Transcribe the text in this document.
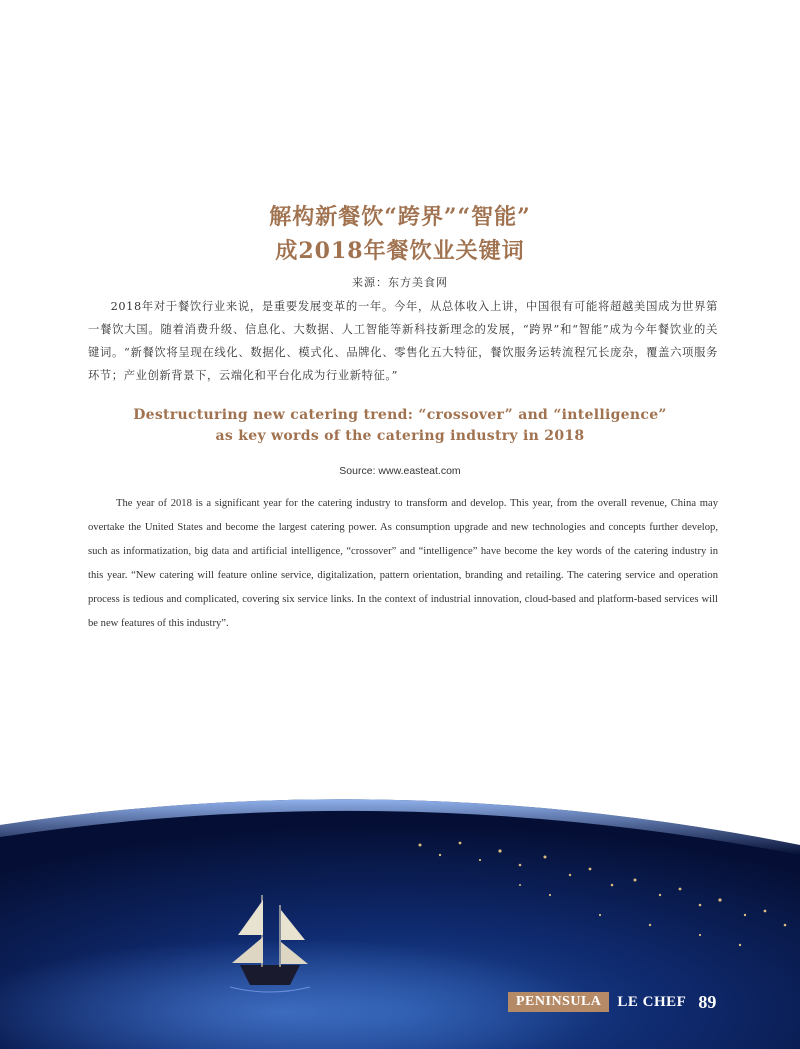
解构新餐饮“跨界”“智能”
成2018年餐饮业关键词
来源：东方美食网
2018年对于餐饮行业来说，是重要发展变革的一年。今年，从总体收入上讲，中国很有可能将超越美国成为世界第一餐饮大国。随着消费升级、信息化、大数据、人工智能等新科技新理念的发展，“跨界”和“智能”成为今年餐饮业的关键词。“新餐饮将呈现在线化、数据化、模式化、品牌化、零售化五大特征，餐饮服务运转流程冗长庞杂，覆盖六项服务环节；产业创新背景下，云端化和平台化成为行业新特征。”
Destructuring new catering trend: “crossover” and “intelligence”
as key words of the catering industry in 2018
Source: www.easteat.com
The year of 2018 is a significant year for the catering industry to transform and develop. This year, from the overall revenue, China may overtake the United States and become the largest catering power. As consumption upgrade and new technologies and concepts further develop, such as informatization, big data and artificial intelligence, “crossover” and “intelligence” have become the key words of the catering industry in this year. “New catering will feature online service, digitalization, pattern orientation, branding and retailing. The catering service and operation process is tedious and complicated, covering six service links. In the context of industrial innovation, cloud-based and platform-based services will be new features of this industry”.
PENINSULA	LE CHEF 89
